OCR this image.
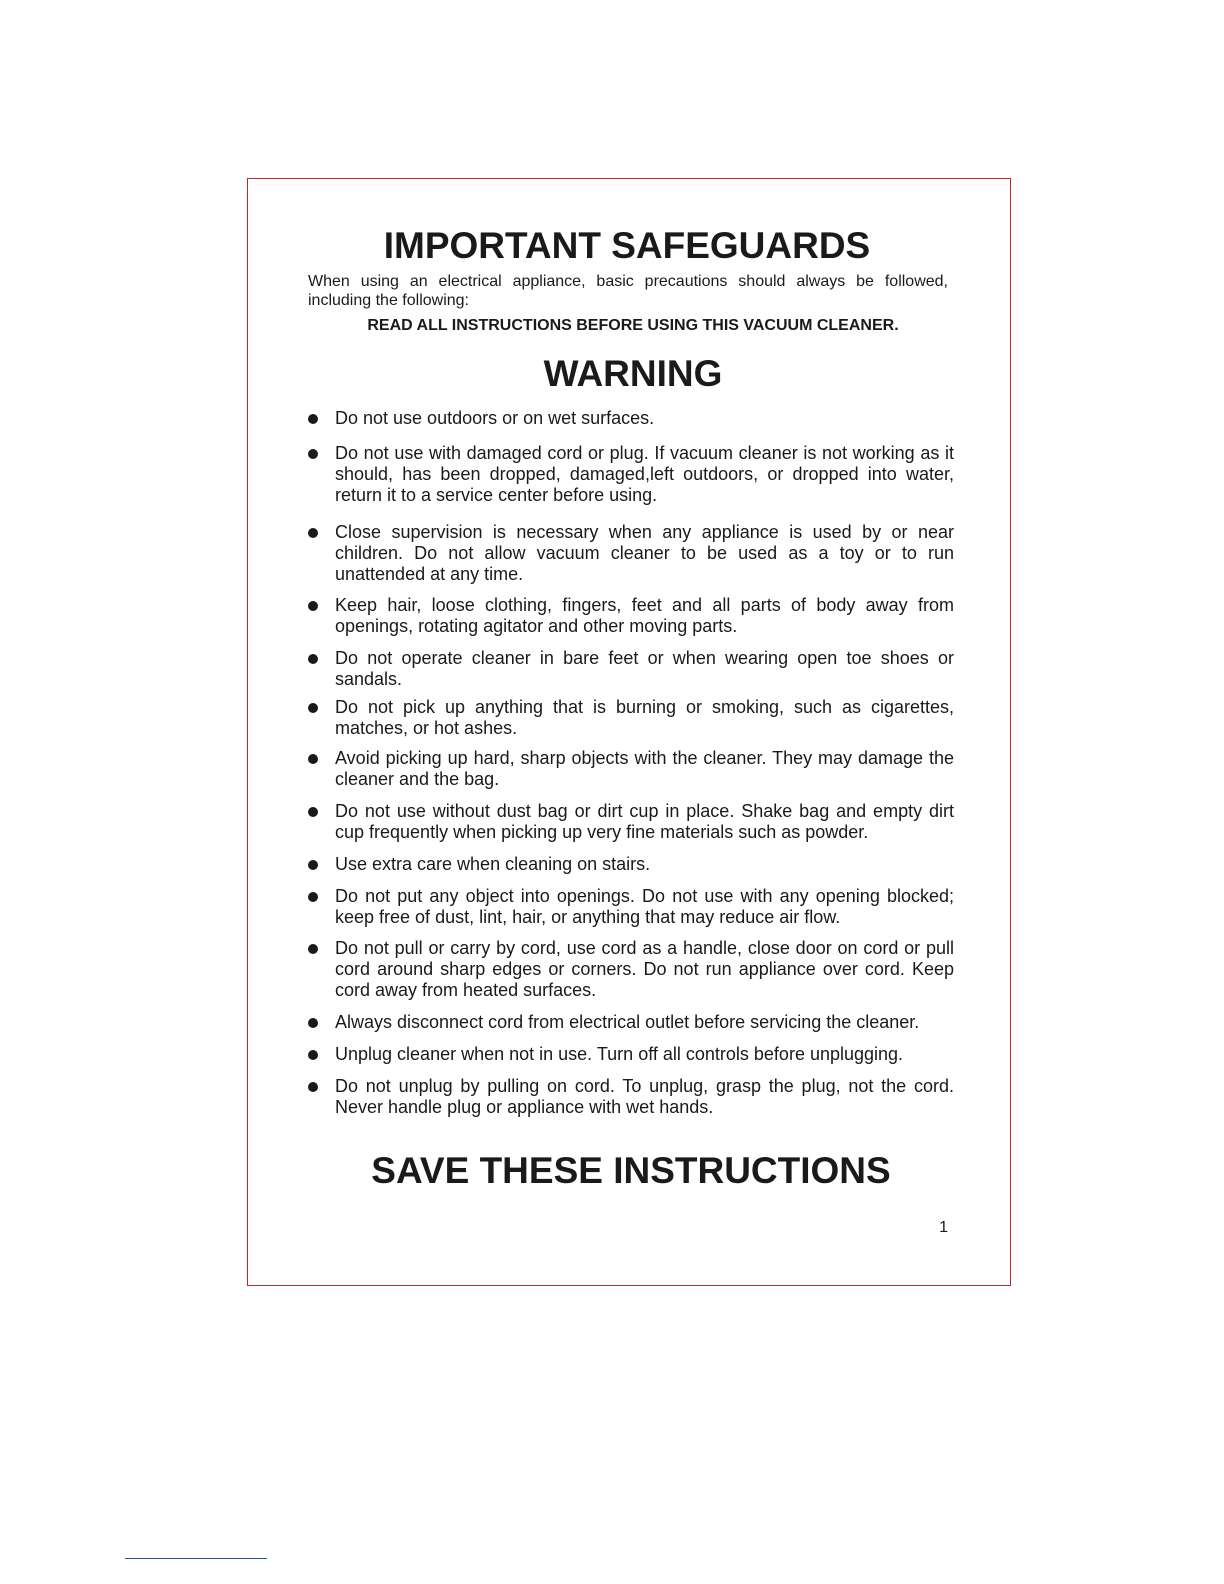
IMPORTANT SAFEGUARDS

When using an electrical appliance, basic precautions should always be followed, including the following:

READ ALL INSTRUCTIONS BEFORE USING THIS VACUUM CLEANER.

WARNING
Do not use outdoors or on wet surfaces.
Do not use with damaged cord or plug. If vacuum cleaner is not working as it should, has been dropped, damaged,left outdoors, or dropped into water, return it to a service center before using.
Close supervision is necessary when any appliance is used by or near children. Do not allow vacuum cleaner to be used as a toy or to run unattended at any time.
Keep hair, loose clothing, fingers, feet and all parts of body away from openings, rotating agitator and other moving parts.
Do not operate cleaner in bare feet or when wearing open toe shoes or sandals.
Do not pick up anything that is burning or smoking, such as cigarettes, matches, or hot ashes.
Avoid picking up hard, sharp objects with the cleaner. They may damage the cleaner and the bag.
Do not use without dust bag or dirt cup in place. Shake bag and empty dirt cup frequently when picking up very fine materials such as powder.
Use extra care when cleaning on stairs.
Do not put any object into openings. Do not use with any opening blocked; keep free of dust, lint, hair, or anything that may reduce air flow.
Do not pull or carry by cord, use cord as a handle, close door on cord or pull cord around sharp edges or corners. Do not run appliance over cord. Keep cord away from heated surfaces.
Always disconnect cord from electrical outlet before servicing the cleaner.
Unplug cleaner when not in use. Turn off all controls before unplugging.
Do not unplug by pulling on cord. To unplug, grasp the plug, not the cord. Never handle plug or appliance with wet hands.
SAVE THESE INSTRUCTIONS

1
